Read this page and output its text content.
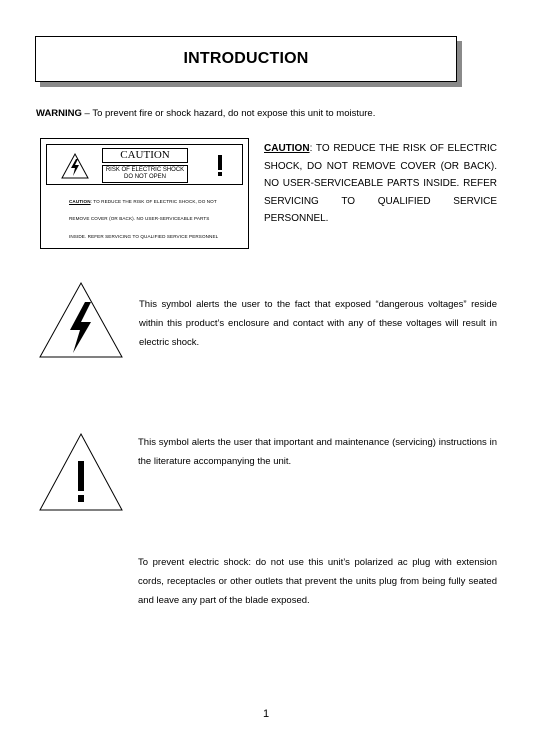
INTRODUCTION
WARNING – To prevent fire or shock hazard, do not expose this unit to moisture.
CAUTION
RISK OF ELECTRIC SHOCK DO NOT OPEN
CAUTION: TO REDUCE THE RISK OF ELECTRIC SHOCK, DO NOT
REMOVE COVER (OR BACK). NO USER-SERVICEABLE PARTS
INSIDE. REFER SERVICING TO QUALIFIED SERVICE PERSONNEL
CAUTION: TO REDUCE THE RISK OF ELECTRIC SHOCK, DO NOT REMOVE COVER (OR BACK). NO USER-SERVICEABLE PARTS INSIDE. REFER SERVICING TO QUALIFIED SERVICE PERSONNEL.
This symbol alerts the user to the fact that exposed “dangerous voltages” reside within this product’s enclosure and contact with any of these voltages will result in electric shock.
This symbol alerts the user that important and maintenance (servicing) instructions in the literature accompanying the unit.
To prevent electric shock: do not use this unit’s polarized ac plug with extension cords, receptacles or other outlets that prevent the units plug from being fully seated and leave any part of the blade exposed.
1
